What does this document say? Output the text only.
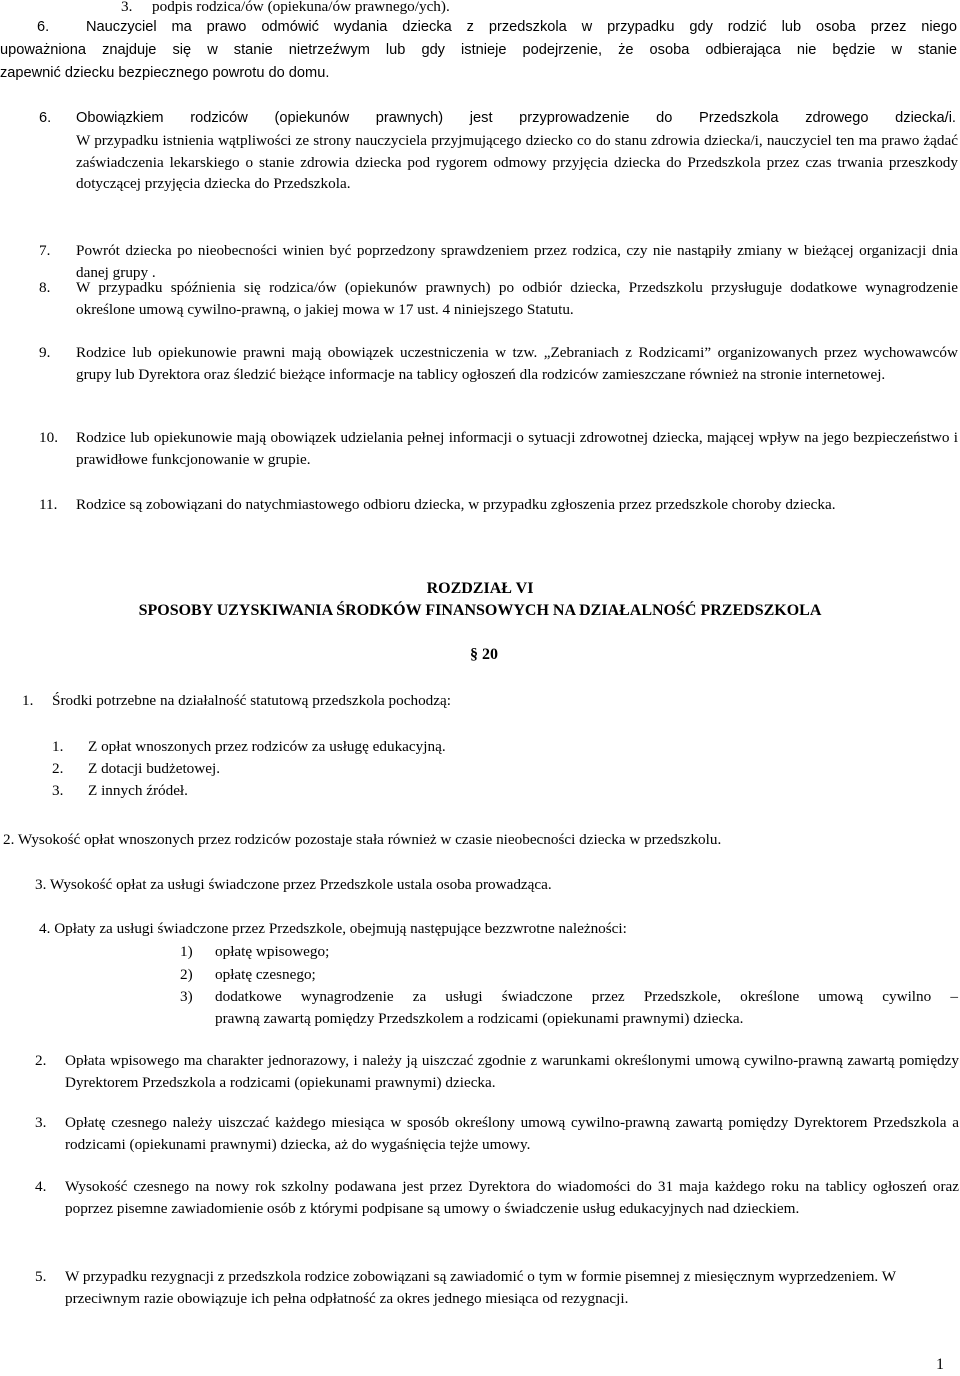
3. podpis rodzica/ów (opiekuna/ów prawnego/ych).
6.	Nauczyciel ma prawo odmówić wydania dziecka z przedszkola w przypadku gdy rodzić lub osoba przez niego
upoważniona znajduje się w stanie nietrzeźwym lub gdy istnieje podejrzenie, że osoba odbierająca nie będzie w stanie
zapewnić dziecku bezpiecznego powrotu do domu.
6. Obowiązkiem rodziców (opiekunów prawnych) jest przyprowadzenie do Przedszkola zdrowego dziecka/i.
W przypadku istnienia wątpliwości ze strony nauczyciela przyjmującego dziecko co do stanu zdrowia dziecka/i, nauczyciel ten ma prawo żądać zaświadczenia lekarskiego o stanie zdrowia dziecka pod rygorem odmowy przyjęcia dziecka do Przedszkola przez czas trwania przeszkody dotyczącej przyjęcia dziecka do Przedszkola.
7. Powrót dziecka po nieobecności winien być poprzedzony sprawdzeniem przez rodzica, czy nie nastąpiły zmiany w bieżącej organizacji dnia danej grupy .
8. W przypadku spóźnienia się rodzica/ów (opiekunów prawnych) po odbiór dziecka, Przedszkolu przysługuje dodatkowe wynagrodzenie określone umową cywilno-prawną, o jakiej mowa w 17 ust. 4 niniejszego Statutu.
9. Rodzice lub opiekunowie prawni mają obowiązek uczestniczenia w tzw. „Zebraniach z Rodzicami” organizowanych przez wychowawców grupy lub Dyrektora oraz śledzić bieżące informacje na tablicy ogłoszeń dla rodziców zamieszczane również na stronie internetowej.
10. Rodzice lub opiekunowie mają obowiązek udzielania pełnej informacji o sytuacji zdrowotnej dziecka, mającej wpływ na jego bezpieczeństwo i prawidłowe funkcjonowanie w grupie.
11. Rodzice są zobowiązani do natychmiastowego odbioru dziecka, w przypadku zgłoszenia przez przedszkole choroby dziecka.
ROZDZIAŁ VI
SPOSOBY UZYSKIWANIA ŚRODKÓW FINANSOWYCH NA DZIAŁALNOŚĆ PRZEDSZKOLA
§ 20
1. Środki potrzebne na działalność statutową przedszkola pochodzą:
1. Z opłat wnoszonych przez rodziców za usługę edukacyjną.
2. Z dotacji budżetowej.
3. Z innych źródeł.
2. Wysokość opłat wnoszonych przez rodziców pozostaje stała również w czasie nieobecności dziecka w przedszkolu.
3. Wysokość opłat za usługi świadczone przez Przedszkole ustala osoba prowadząca.
4. Opłaty za usługi świadczone przez Przedszkole, obejmują następujące bezzwrotne należności:
1) opłatę wpisowego;
2) opłatę czesnego;
3) dodatkowe wynagrodzenie za usługi świadczone przez Przedszkole, określone umową cywilno –
prawną zawartą pomiędzy Przedszkolem a rodzicami (opiekunami prawnymi) dziecka.
2. Opłata wpisowego ma charakter jednorazowy, i należy ją uiszczać zgodnie z warunkami określonymi umową cywilno-prawną zawartą pomiędzy Dyrektorem Przedszkola a rodzicami (opiekunami prawnymi) dziecka.
3. Opłatę czesnego należy uiszczać każdego miesiąca w sposób określony umową cywilno-prawną zawartą pomiędzy Dyrektorem Przedszkola a rodzicami (opiekunami prawnymi) dziecka, aż do wygaśnięcia tejże umowy.
4. Wysokość czesnego na nowy rok szkolny podawana jest przez Dyrektora do wiadomości do 31 maja każdego roku na tablicy ogłoszeń oraz poprzez pisemne zawiadomienie osób z którymi podpisane są umowy o świadczenie usług edukacyjnych nad dzieckiem.
5. W przypadku rezygnacji z przedszkola rodzice zobowiązani są zawiadomić o tym w formie pisemnej z miesięcznym wyprzedzeniem. W przeciwnym razie obowiązuje ich pełna odpłatność za okres jednego miesiąca od rezygnacji.
1
